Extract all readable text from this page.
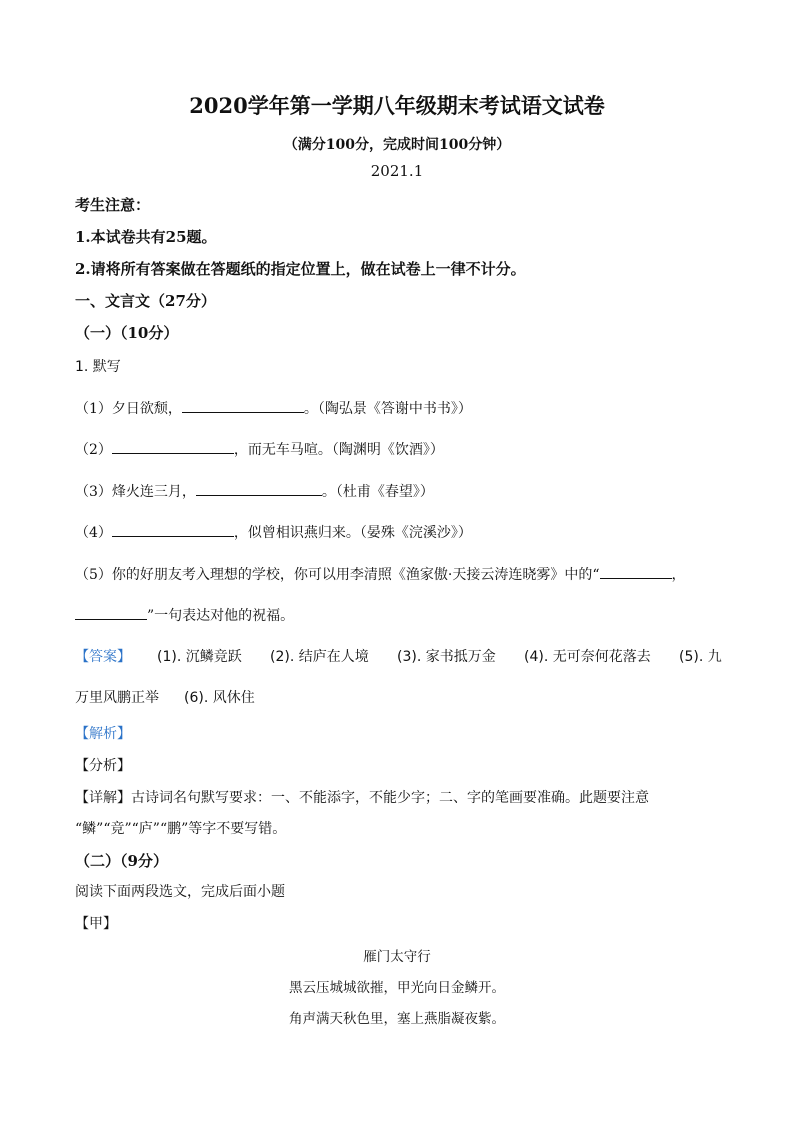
2020学年第一学期八年级期末考试语文试卷
（满分100分，完成时间100分钟）
2021.1
考生注意：
1.本试卷共有25题。
2.请将所有答案做在答题纸的指定位置上，做在试卷上一律不计分。
一、文言文（27分）
（一）（10分）
1. 默写
（1）夕日欲颓，	。（陶弘景《答谢中书书》）
（2）	，而无车马喧。（陶渊明《饮酒》）
（3）烽火连三月，	。（杜甫《春望》）
（4）	，似曾相识燕归来。（晏殊《浣溪沙》）
（5）你的好朋友考入理想的学校，你可以用李清照《渔家傲·天接云涛连晓雾》中的“	，
”一句表达对他的祝福。
【答案】 (1). 沉鳞竞跃 (2). 结庐在人境 (3). 家书抵万金 (4). 无可奈何花落去 (5). 九
万里风鹏正举 (6). 风休住
【解析】
【分析】
【详解】古诗词名句默写要求：一、不能添字，不能少字；二、字的笔画要准确。此题要注意
“鳞”“竞”“庐”“鹏”等字不要写错。
（二）（9分）
阅读下面两段选文，完成后面小题
【甲】
雁门太守行
黑云压城城欲摧，甲光向日金鳞开。
角声满天秋色里，塞上燕脂凝夜紫。
